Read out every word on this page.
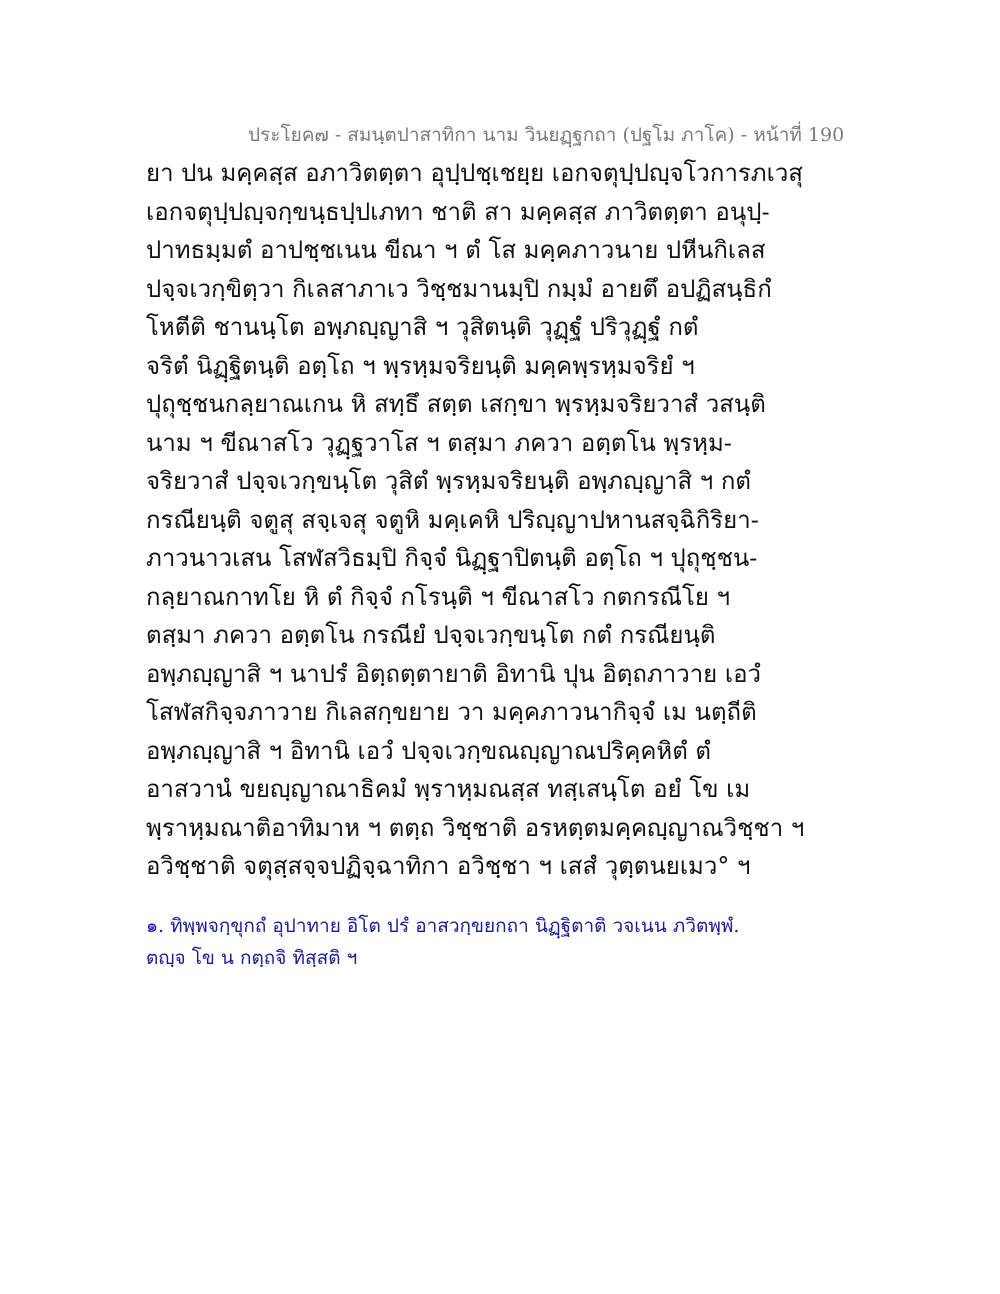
ประโยค๗ - สมนฺตปาสาทิกา นาม วินยฏฺฐกถา (ปฐโม ภาโค) - หน้าที่ 190
ยา ปน มคฺคสฺส อภาวิตตฺตา อุปฺปชฺเชยฺย เอกจตุปฺปญฺจโวการภเวสุ
เอกจตุปฺปญฺจกฺขนฺธปฺปเภทา ชาติ สา มคฺคสฺส ภาวิตตฺตา อนุปฺ-
ปาทธมฺมตํ อาปชฺชเนน ขีณา ฯ ตํ โส มคฺคภาวนาย ปหีนกิเลส
ปจฺจเวกฺขิตฺวา กิเลสาภาเว วิชฺชมานมฺปิ กมฺมํ อายตึ อปฏิสนฺธิกํ
โหตีติ ชานนฺโต อพฺภญฺญาสิ ฯ วุสิตนฺติ วุฏฺฐํ ปริวุฏฺฐํ กตํ
จริตํ นิฏฺฐิตนฺติ อตฺโถ ฯ พฺรหฺมจริยนฺติ มคฺคพฺรหฺมจริยํ ฯ
ปุถุชฺชนกลฺยาณเกน หิ สทฺธึ สตฺต เสกฺขา พฺรหฺมจริยวาสํ วสนฺติ
นาม ฯ ขีณาสโว วุฏฺฐวาโส ฯ ตสฺมา ภควา อตฺตโน พฺรหฺม-
จริยวาสํ ปจฺจเวกฺขนฺโต วุสิตํ พฺรหฺมจริยนฺติ อพฺภญฺญาสิ ฯ กตํ
กรณียนฺติ จตูสุ สจฺเจสุ จตูหิ มคฺเคหิ ปริญฺญาปหานสจฺฉิกิริยา-
ภาวนาวเสน โสฬสวิธมฺปิ กิจฺจํ นิฏฺฐาปิตนฺติ อตฺโถ ฯ ปุถุชฺชน-
กลฺยาณกาทโย หิ ตํ กิจฺจํ กโรนฺติ ฯ ขีณาสโว กตกรณีโย ฯ
ตสฺมา ภควา อตฺตโน กรณียํ ปจฺจเวกฺขนฺโต กตํ กรณียนฺติ
อพฺภญฺญาสิ ฯ นาปรํ อิตฺถตฺตายาติ อิทานิ ปุน อิตฺถภาวาย เอวํ
โสฬสกิจฺจภาวาย กิเลสกฺขยาย วา มคฺคภาวนากิจฺจํ เม นตฺถีติ
อพฺภญฺญาสิ ฯ อิทานิ เอวํ ปจฺจเวกฺขณญฺญาณปริคฺคหิตํ ตํ
อาสวานํ ขยญฺญาณาธิคมํ พฺราหฺมณสฺส ทสฺเสนฺโต อยํ โข เม
พฺราหฺมณาติอาทิมาห ฯ ตตฺถ วิชฺชาติ อรหตฺตมคฺคญฺญาณวิชฺชา ฯ
อวิชฺชาติ จตุสฺสจฺจปฏิจฺฉาทิกา อวิชฺชา ฯ เสสํ วุตฺตนยเมว° ฯ
๑. ทิพฺพจกฺขุกถํ อุปาทาย อิโต ปรํ อาสวกฺขยกถา นิฏฺฐิตาติ วจเนน ภวิตพฺพํ.
ตญฺจ โข น กตฺถจิ ทิสฺสติ ฯ
